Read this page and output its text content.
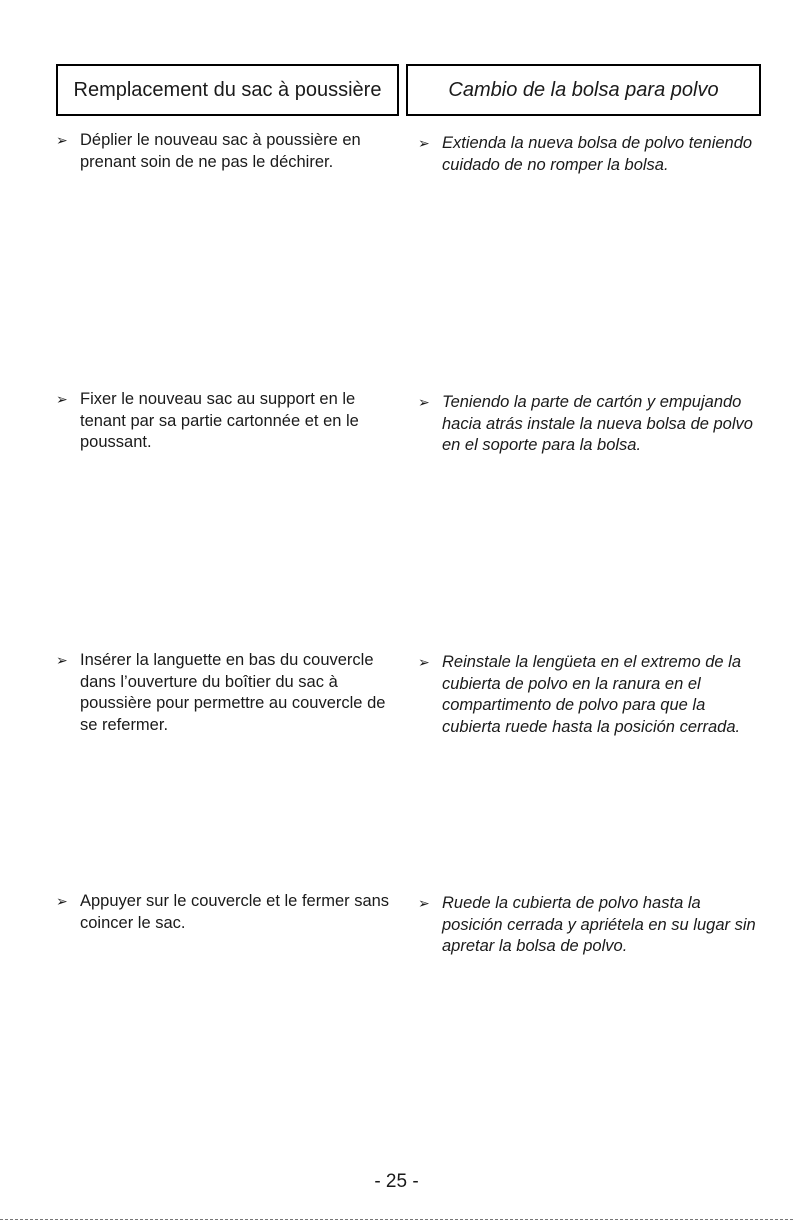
Remplacement du sac à poussière	Cambio de la bolsa para polvo
➢ Déplier le nouveau sac à poussière en prenant soin de ne pas le déchirer.
➢ Fixer le nouveau sac au support en le tenant par sa partie cartonnée et en le poussant.
➢ Insérer la languette en bas du couvercle dans l’ouverture du boîtier du sac à poussière pour permettre au couvercle de se refermer.
➢ Appuyer sur le couvercle et le fermer sans coincer le sac.
➢ Extienda la nueva bolsa de polvo teniendo cuidado de no romper la bolsa.
➢ Teniendo la parte de cartón y empujando hacia atrás instale la nueva bolsa de polvo en el soporte para la bolsa.
➢ Reinstale la lengüeta en el extremo de la cubierta de polvo en la ranura en el compartimento de polvo para que la cubierta ruede hasta la posición cerrada.
➢ Ruede la cubierta de polvo hasta la posición cerrada y apriételа en su lugar sin apretar la bolsa de polvo.
- 25 -
